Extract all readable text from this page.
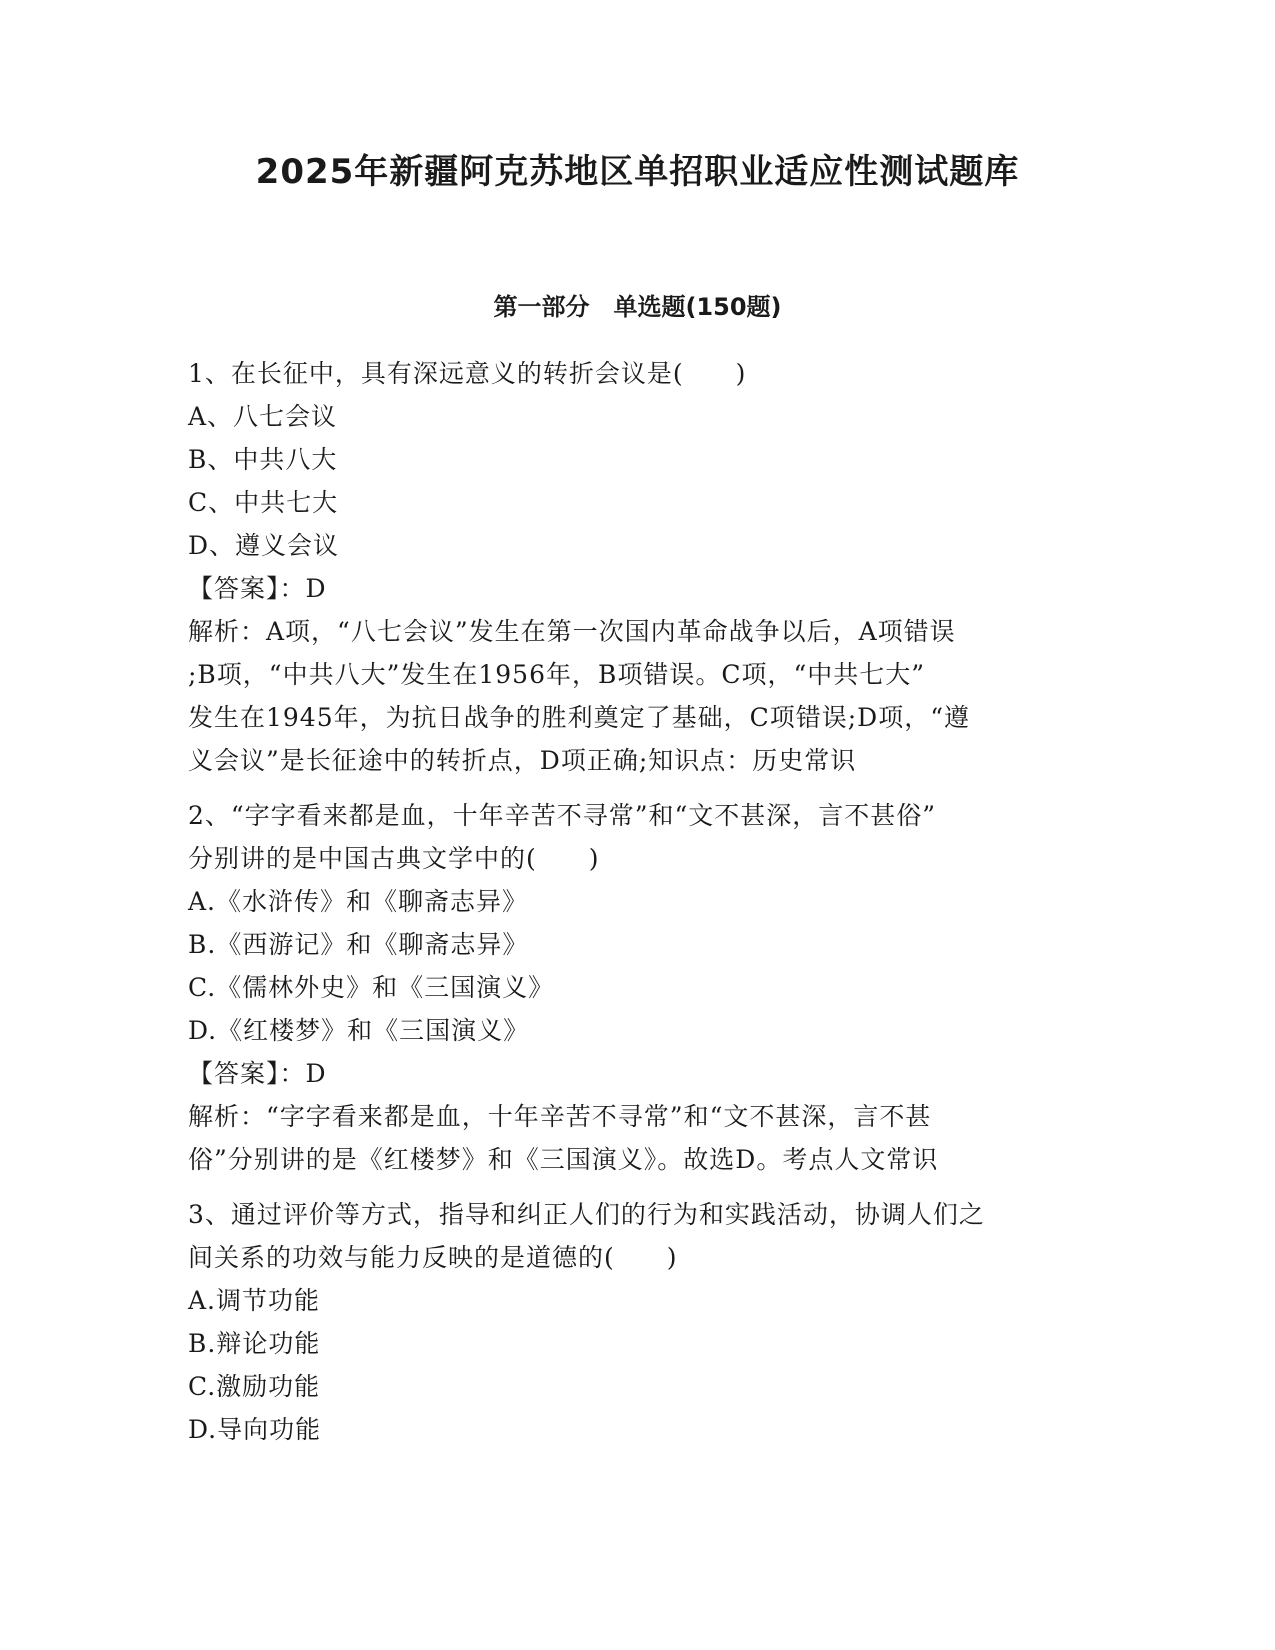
2025年新疆阿克苏地区单招职业适应性测试题库
第一部分　单选题(150题)
1、在长征中，具有深远意义的转折会议是(　　)
A、八七会议
B、中共八大
C、中共七大
D、遵义会议
【答案】：D
解析：A项，“八七会议”发生在第一次国内革命战争以后，A项错误
;B项，“中共八大”发生在1956年，B项错误。C项，“中共七大”
发生在1945年，为抗日战争的胜利奠定了基础，C项错误;D项，“遵
义会议”是长征途中的转折点，D项正确;知识点：历史常识
2、“字字看来都是血，十年辛苦不寻常”和“文不甚深，言不甚俗”
分别讲的是中国古典文学中的(　　)
A.《水浒传》和《聊斋志异》
B.《西游记》和《聊斋志异》
C.《儒林外史》和《三国演义》
D.《红楼梦》和《三国演义》
【答案】：D
解析：“字字看来都是血，十年辛苦不寻常”和“文不甚深，言不甚
俗”分别讲的是《红楼梦》和《三国演义》。故选D。考点人文常识
3、通过评价等方式，指导和纠正人们的行为和实践活动，协调人们之
间关系的功效与能力反映的是道德的(　　)
A.调节功能
B.辩论功能
C.激励功能
D.导向功能
